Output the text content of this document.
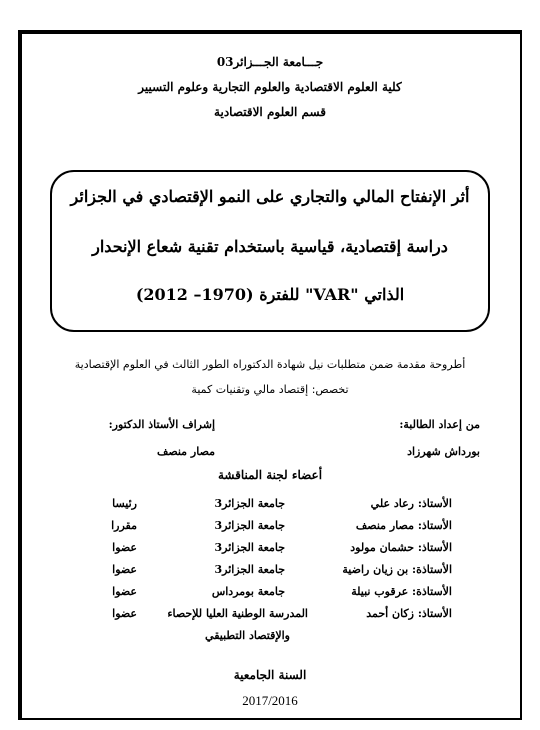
جـــامعة الجـــزائر03
كلية العلوم الاقتصادية والعلوم التجارية وعلوم التسيير
قسم العلوم الاقتصادية
أثر الإنفتاح المالي والتجاري على النمو الإقتصادي في الجزائر
دراسة إقتصادية، قياسية باستخدام تقنية شعاع الإنحدار
الذاتي "VAR" للفترة (1970– 2012)
أطروحة مقدمة ضمن متطلبات نيل شهادة الدكتوراه الطور الثالث في العلوم الإقتصادية
تخصص: إقتصاد مالي وتقنيات كمية
من إعداد الطالبة:
إشراف الأستاذ الدكتور:
بورداش شهرزاد
مصار منصف
أعضاء لجنة المناقشة
الأستاذ: رعاد علي
جامعة الجزائر3
رئيسا
الأستاذ: مصار منصف
جامعة الجزائر3
مقررا
الأستاذ: حشمان مولود
جامعة الجزائر3
عضوا
الأستاذة: بن زيان راضية
جامعة الجزائر3
عضوا
الأستاذة: عرقوب نبيلة
جامعة بومرداس
عضوا
الأستاذ: زكان أحمد
المدرسة الوطنية العليا للإحصاء
والإقتصاد التطبيقي
عضوا
السنة الجامعية
2017/2016
